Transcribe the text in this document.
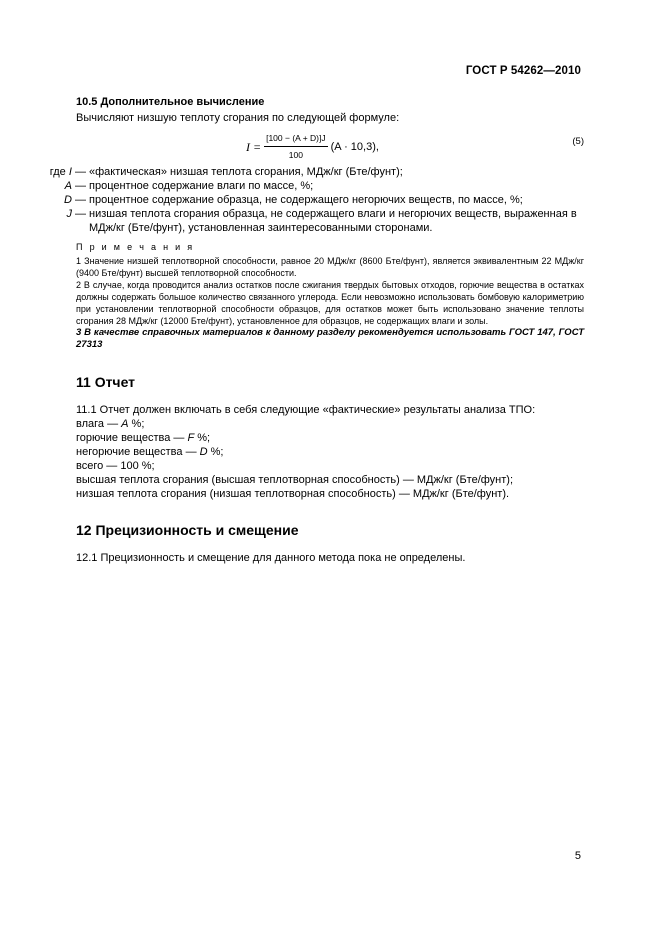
ГОСТ Р 54262—2010
10.5 Дополнительное вычисление

Вычисляют низшую теплоту сгорания по следующей формуле:

$I = \frac{[100 - (A + D)]J}{100} (A \cdot 10,3)$,	(5)
где I — «фактическая» низшая теплота сгорания, МДж/кг (Бте/фунт);
A — процентное содержание влаги по массе, %;
D — процентное содержание образца, не содержащего негорючих веществ, по массе, %;
J — низшая теплота сгорания образца, не содержащего влаги и негорючих веществ, выраженная в МДж/кг (Бте/фунт), установленная заинтересованными сторонами.
П р и м е ч а н и я
1 Значение низшей теплотворной способности, равное 20 МДж/кг (8600 Бте/фунт), является эквивалентным 22 МДж/кг (9400 Бте/фунт) высшей теплотворной способности.
2 В случае, когда проводится анализ остатков после сжигания твердых бытовых отходов, горючие вещества в остатках должны содержать большое количество связанного углерода. Если невозможно использовать бомбовую калориметрию при установлении теплотворной способности образцов, для остатков может быть использовано значение теплоты сгорания 28 МДж/кг (12000 Бте/фунт), установленное для образцов, не содержащих влаги и золы.
3 В качестве справочных материалов к данному разделу рекомендуется использовать ГОСТ 147, ГОСТ 27313
11 Отчет

11.1 Отчет должен включать в себя следующие «фактические» результаты анализа ТПО:

влага — A %;

горючие вещества — F %;

негорючие вещества — D %;

всего — 100 %;

высшая теплота сгорания (высшая теплотворная способность) — МДж/кг (Бте/фунт);

низшая теплота сгорания (низшая теплотворная способность) — МДж/кг (Бте/фунт).

12 Прецизионность и смещение

12.1 Прецизионность и смещение для данного метода пока не определены.

5
